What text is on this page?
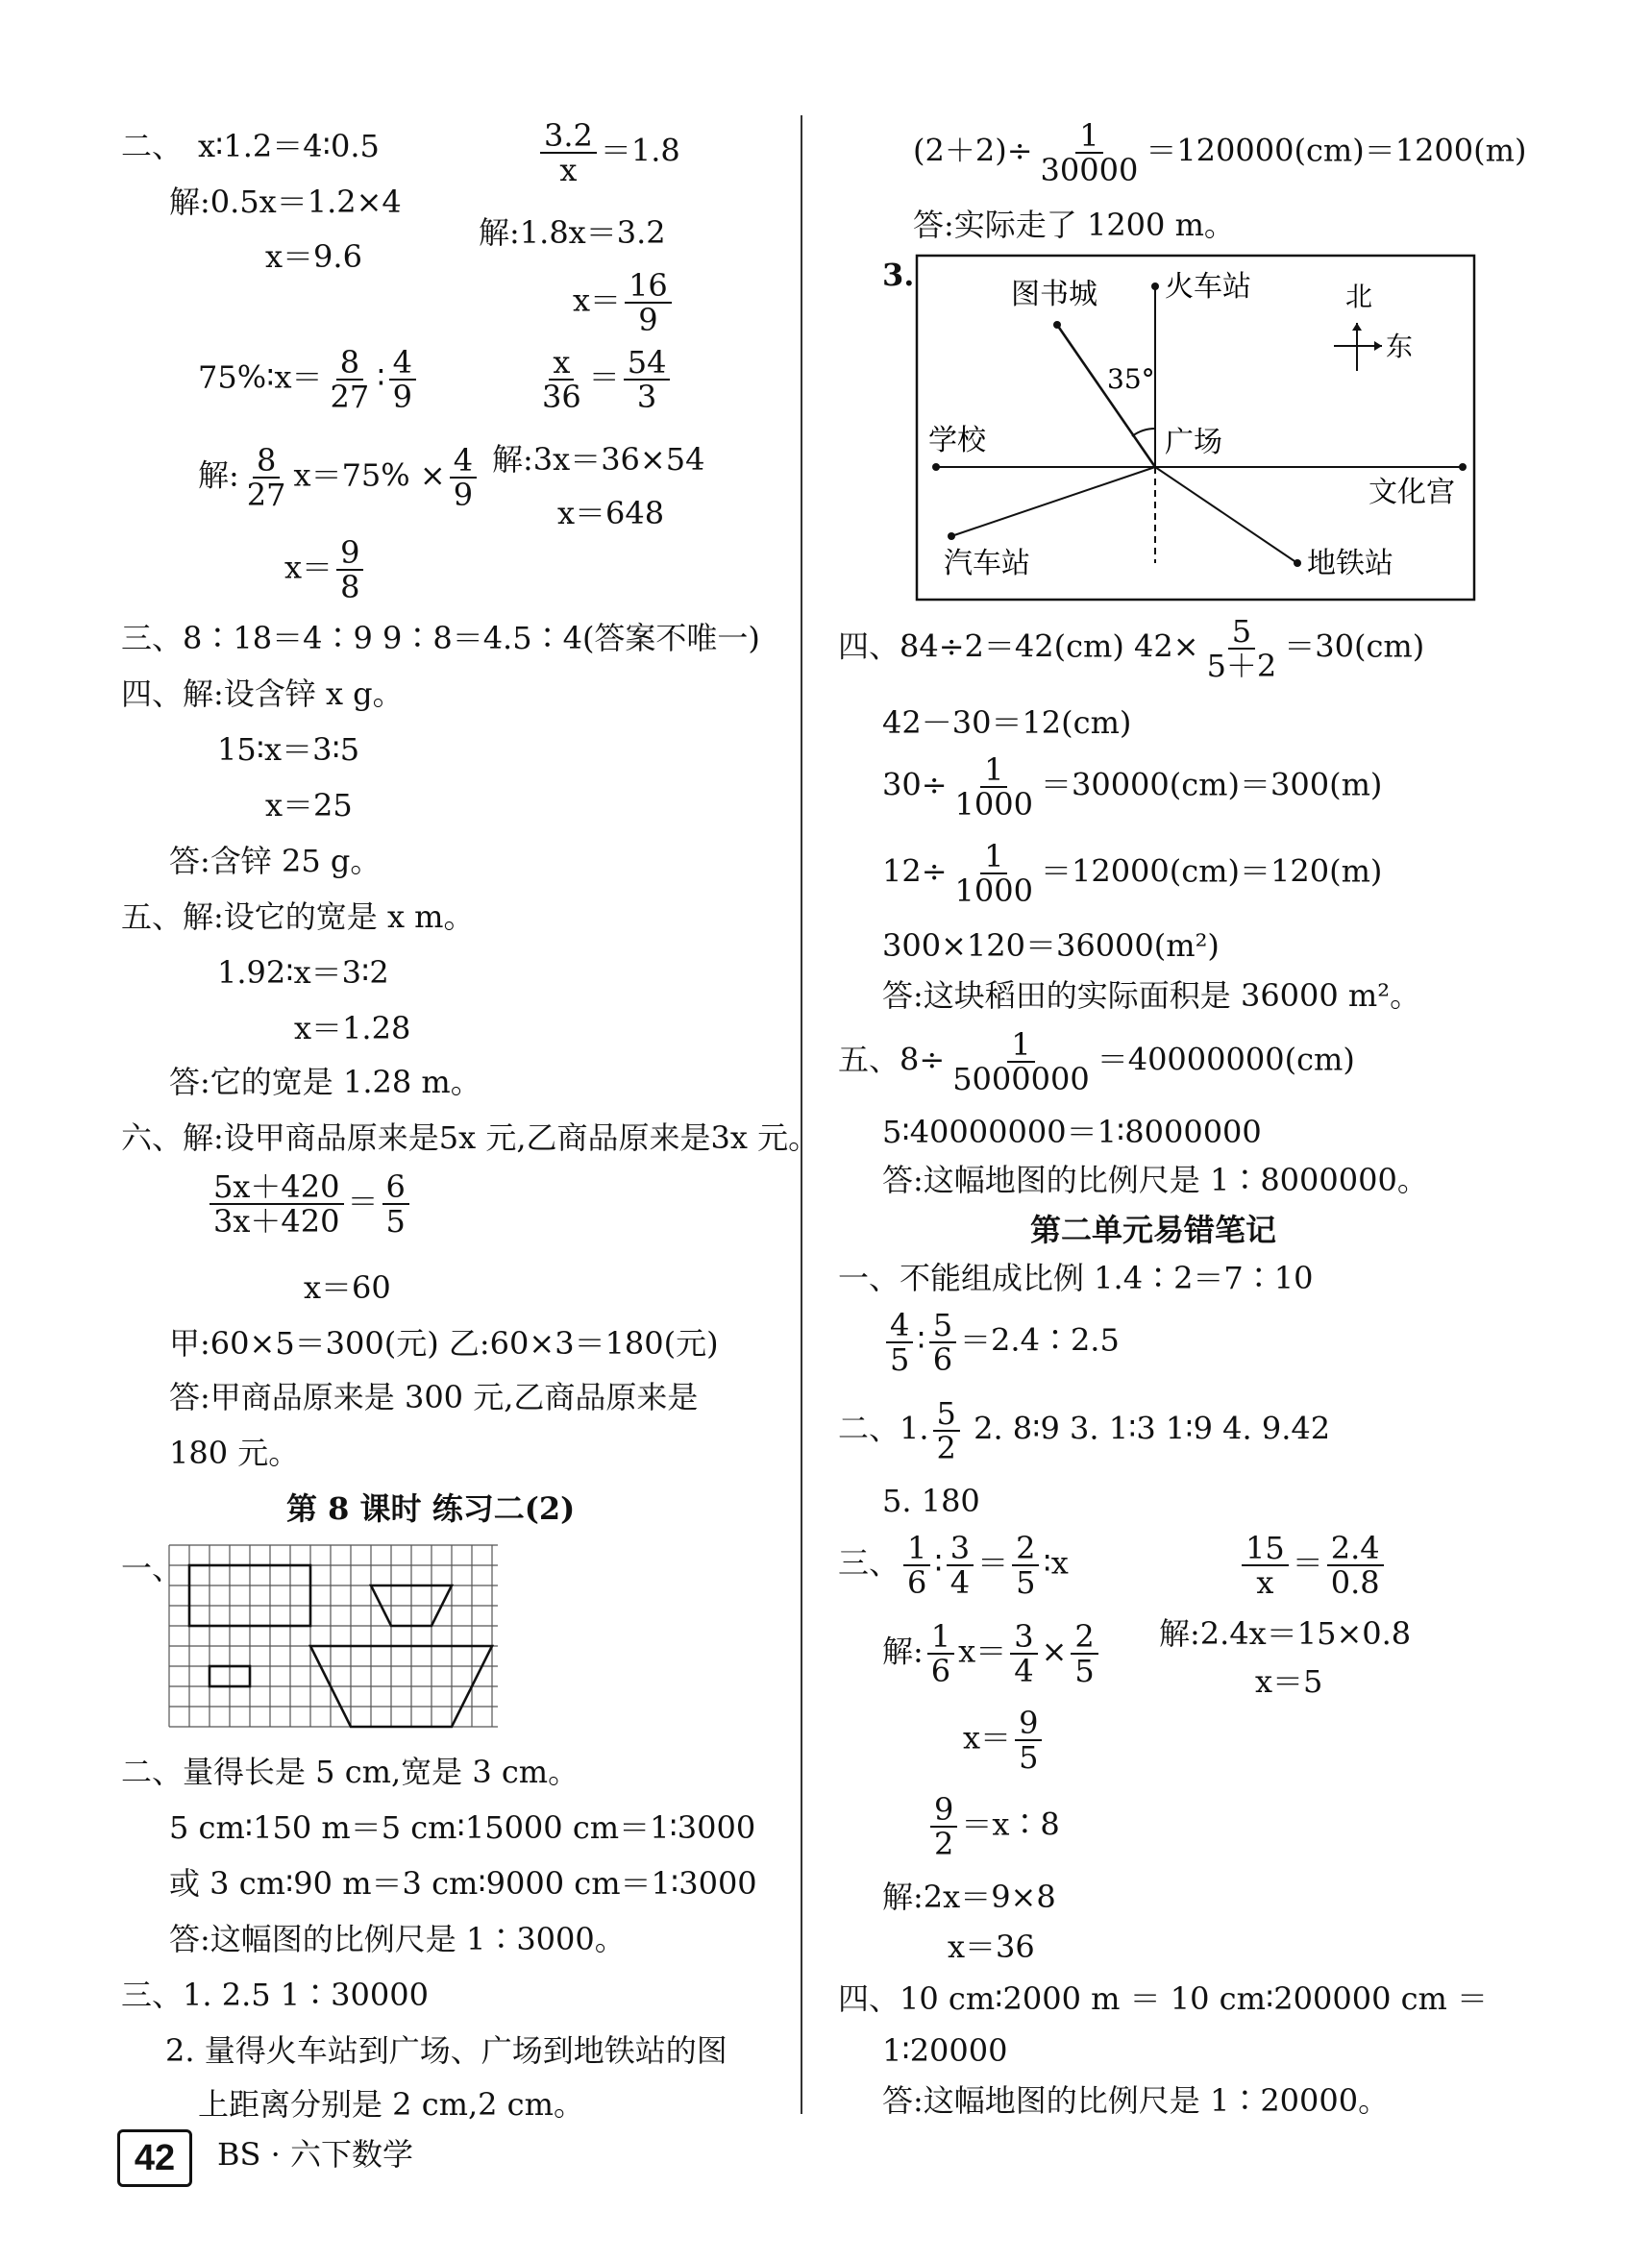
二、 x∶1.2＝4∶0.5
解:0.5x＝1.2×4
x＝9.6
$\frac{3.2}{x} =1.8$
解:1.8x＝3.2
$x= \frac{16}{9}$
75%∶x＝ $\frac{8}{27}$ ∶ $\frac{4}{9}$	$\frac{x}{36} = \frac{54}{3}$
解: $\frac{8}{27} x=75\% \times \frac{4}{9}$ 解:3x＝36×54
x＝648
$x= \frac{9}{8}$
三、8∶18＝4∶9 9∶8＝4.5∶4(答案不唯一)
四、解:设含锌 x g。
15∶x＝3∶5
x＝25
答:含锌 25 g。
五、解:设它的宽是 x m。
1.92∶x＝3∶2
x＝1.28
答:它的宽是 1.28 m。
六、解:设甲商品原来是5x 元,乙商品原来是3x 元。
$\frac{5x+420}{3x+420} = \frac{6}{5}$
x＝60
甲:60×5＝300(元) 乙:60×3＝180(元)
答:甲商品原来是 300 元,乙商品原来是
180 元。
第 8 课时 练习二(2)
一、
二、量得长是 5 cm,宽是 3 cm。
5 cm∶150 m＝5 cm∶15000 cm＝1∶3000
或 3 cm∶90 m＝3 cm∶9000 cm＝1∶3000
答:这幅图的比例尺是 1∶3000。
三、1. 2.5 1∶30000
2. 量得火车站到广场、广场到地铁站的图
上距离分别是 2 cm,2 cm。
$(2+2)\div \frac{1}{30000} =120000(cm)=1200(m)$
答:实际走了 1200 m。
3.
图书城 火车站	北
东
35°
学校	广场
文化宫
汽车站	地铁站
四、84÷2＝42(cm) $42\times \frac{5}{5+2} =30(cm)$
42－30＝12(cm)
$30\div \frac{1}{1000} =30000(cm)=300(m)$
$12\div \frac{1}{1000} =12000(cm)=120(m)$
300×120＝36000(m²)
答:这块稻田的实际面积是 36000 m²。
五、$8\div \frac{1}{5000000} =40000000(cm)$
5∶40000000＝1∶8000000
答:这幅地图的比例尺是 1∶8000000。
第二单元易错笔记
一、不能组成比例 1.4∶2＝7∶10
$\frac{4}{5}$ ∶ $\frac{5}{6}$ ＝2.4∶2.5
二、1. $\frac{5}{2} 2$. 8∶9 3. 1∶3 1∶9 4. 9.42
5. 180
三、 $\frac{1}{6}$ ∶ $\frac{3}{4} = \frac{2}{5}$ ∶x	$\frac{15}{x} = \frac{2.4}{0.8}$
解: $\frac{1}{6} x= \frac{3}{4} \times \frac{2}{5}$ 解:2.4x＝15×0.8
x＝5
$x= \frac{9}{5}$
$\frac{9}{2}$ ＝x∶8
解:2x＝9×8
x＝36
四、10 cm∶2000 m ＝ 10 cm∶200000 cm ＝
1∶20000
答:这幅地图的比例尺是 1∶20000。
42	BS · 六下数学
